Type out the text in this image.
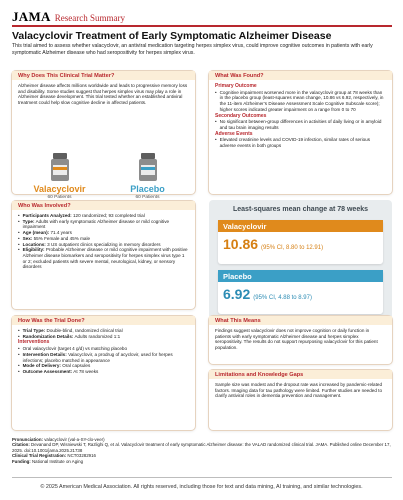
JAMA Research Summary
Valacyclovir Treatment of Early Symptomatic Alzheimer Disease
This trial aimed to assess whether valacyclovir, an antiviral medication targeting herpes simplex virus, could improve cognitive outcomes in patients with early symptomatic Alzheimer disease who had seropositivity for herpes simplex virus.
Why Does This Clinical Trial Matter?
Alzheimer disease affects millions worldwide and leads to progressive memory loss and disability. Some studies suggest that herpes simplex virus may play a role in Alzheimer disease development. This trial tested whether an established antiviral treatment could help slow cognitive decline in affected patients.
Valacyclovir
60 Patients
Placebo
60 Patients
What Was Found?
Primary Outcome
• Cognitive impairment worsened more in the valacyclovir group at 78 weeks than in the placebo group (least-squares mean change, 10.86 vs 6.92, respectively, in the 11-item Alzheimer’s Disease Assessment Scale Cognitive Subscale score); higher scores indicated greater impairment on a range from 0 to 70
Secondary Outcomes
• No significant between-group differences in activities of daily living or in amyloid and tau brain imaging results
Adverse Events
• Elevated creatinine levels and COVID-19 infection, similar rates of serious adverse events in both groups
Who Was Involved?
• Participants Analyzed: 120 randomized; 93 completed trial
• Type: Adults with early symptomatic Alzheimer disease or mild cognitive impairment
• Age (mean): 71.4 years
• Sex: 55% Female and 45% male
• Locations: 3 US outpatient clinics specializing in memory disorders
• Eligibility: Probable Alzheimer disease or mild cognitive impairment with positive Alzheimer disease biomarkers and seropositivity for herpes simplex virus type 1 or 2; excluded patients with severe mental, neurological, kidney, or sensory disorders
Least-squares mean change at 78 weeks
Valacyclovir
10.86 (95% CI, 8.80 to 12.91)
Placebo
6.92 (95% CI, 4.88 to 8.97)
How Was the Trial Done?
• Trial Type: Double-blind, randomized clinical trial
• Randomization Details: Adults randomized 1:1
Interventions
• Oral valacyclovir (target 4 g/d) vs matching placebo
• Intervention Details: Valacyclovir, a prodrug of acyclovir, used for herpes infections; placebo matched in appearance
• Mode of Delivery: Oral capsules
• Outcome Assessment: At 78 weeks
What This Means
Findings suggest valacyclovir does not improve cognition or daily function in patients with early symptomatic Alzheimer disease and herpes simplex seropositivity. The results do not support repurposing valacyclovir for this patient population.
Limitations and Knowledge Gaps
Sample size was modest and the dropout rate was increased by pandemic-related factors. Imaging data for tau pathology were limited. Further studies are needed to clarify antiviral roles in dementia prevention and management.
Pronunciation: valacyclovir (val-a-SY-clo-veer)
Citation: Devanand DP, Wisniewski T, Razlighi Q, et al. Valacyclovir treatment of early symptomatic Alzheimer disease: the VALAD randomized clinical trial. JAMA. Published online December 17, 2025. doi:10.1001/jama.2025.21738
Clinical Trial Registration: NCT03282916
Funding: National Institute on Aging
© 2025 American Medical Association. All rights reserved, including those for text and data mining, AI training, and similar technologies.
